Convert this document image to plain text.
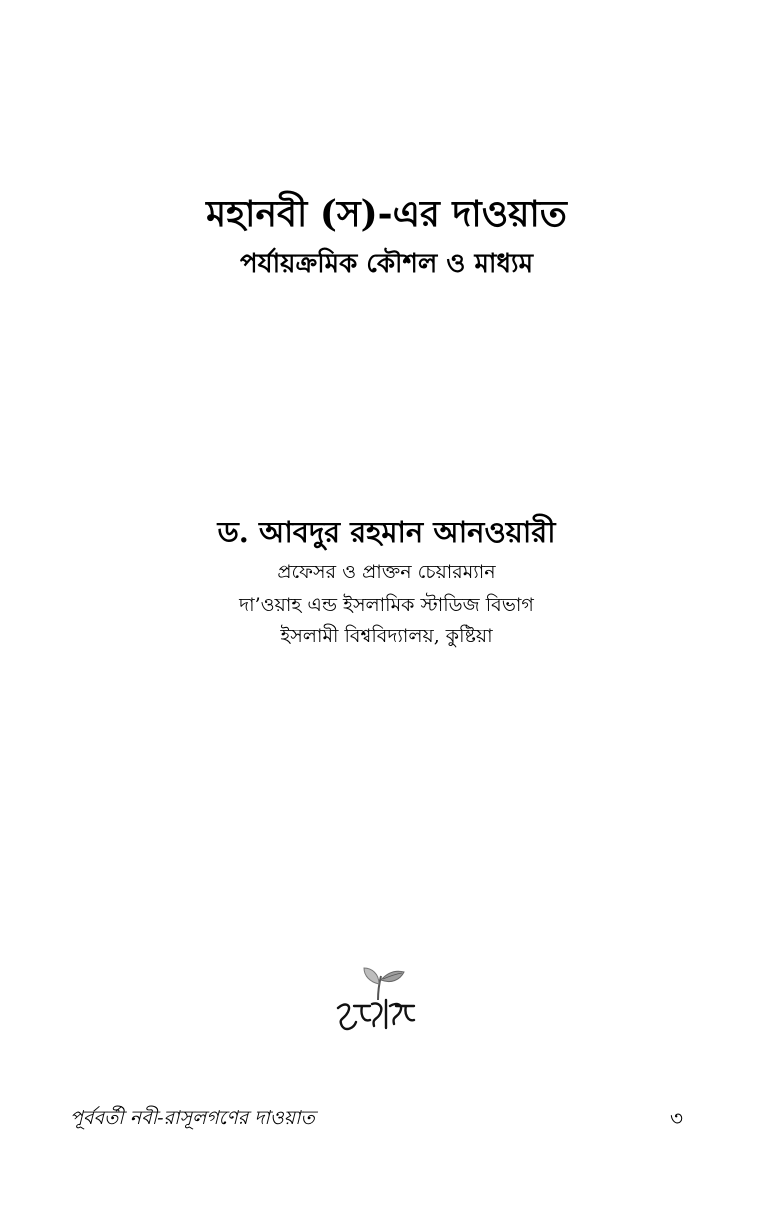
মহানবী (স)-এর দাওয়াত
পর্যায়ক্রমিক কৌশল ও মাধ্যম
ড. আবদুর রহমান আনওয়ারী
প্রফেসর ও প্রাক্তন চেয়ারম্যান
দা’ওয়াহ এন্ড ইসলামিক স্টাডিজ বিভাগ
ইসলামী বিশ্ববিদ্যালয়, কুষ্টিয়া
পূর্ববর্তী নবী-রাসূলগণের দাওয়াত	৩
